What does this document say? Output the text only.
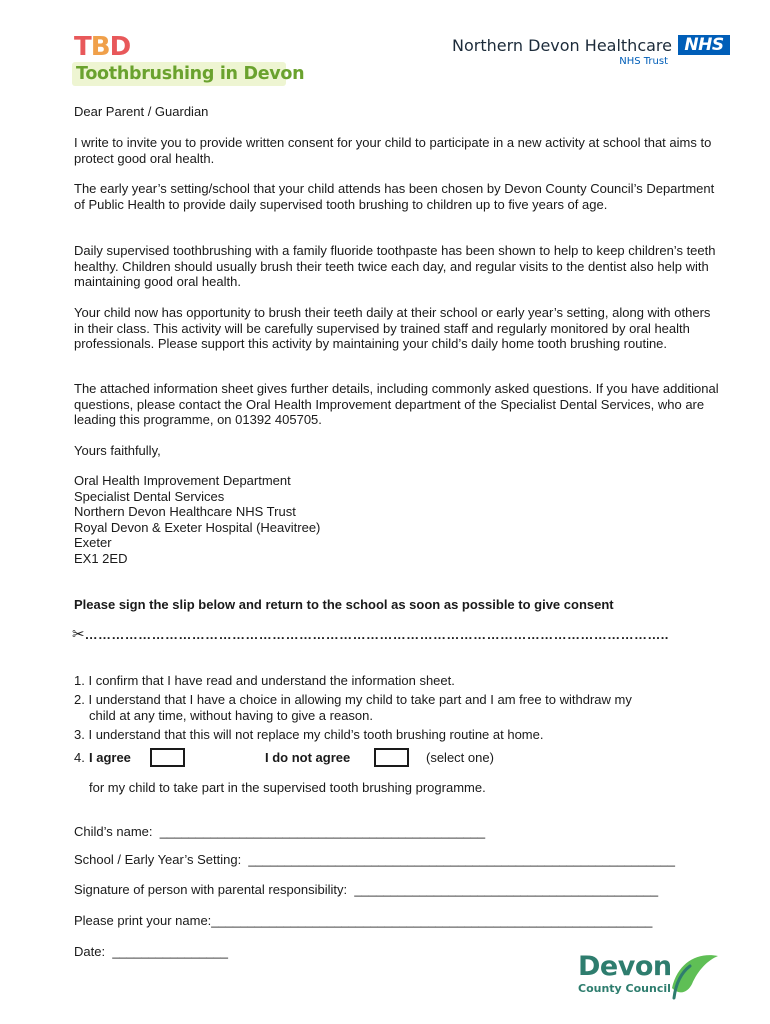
TBD
Toothbrushing in Devon
Northern Devon Healthcare NHS
NHS Trust

Dear Parent / Guardian

I write to invite you to provide written consent for your child to participate in a new activity at school that aims to protect good oral health.

The early year’s setting/school that your child attends has been chosen by Devon County Council’s Department of Public Health to provide daily supervised tooth brushing to children up to five years of age.

Daily supervised toothbrushing with a family fluoride toothpaste has been shown to help to keep children’s teeth healthy. Children should usually brush their teeth twice each day, and regular visits to the dentist also help with maintaining good oral health.

Your child now has opportunity to brush their teeth daily at their school or early year’s setting, along with others in their class. This activity will be carefully supervised by trained staff and regularly monitored by oral health professionals. Please support this activity by maintaining your child’s daily home tooth brushing routine.

The attached information sheet gives further details, including commonly asked questions. If you have additional questions, please contact the Oral Health Improvement department of the Specialist Dental Services, who are leading this programme, on 01392 405705.

Yours faithfully,

Oral Health Improvement Department
Specialist Dental Services
Northern Devon Healthcare NHS Trust
Royal Devon & Exeter Hospital (Heavitree)
Exeter
EX1 2ED

Please sign the slip below and return to the school as soon as possible to give consent

✂…………………………………………………………………………………………………………………..
1. I confirm that I have read and understand the information sheet.
2. I understand that I have a choice in allowing my child to take part and I am free to withdraw my
child at any time, without having to give a reason.
3. I understand that this will not replace my child’s tooth brushing routine at home.
4. I agree	I do not agree	(select one)

for my child to take part in the supervised tooth brushing programme.

Child’s name: _____________________________________________
School / Early Year’s Setting: ___________________________________________________________
Signature of person with parental responsibility: __________________________________________
Please print your name:_____________________________________________________________
Date: ________________	Devon
County Council
